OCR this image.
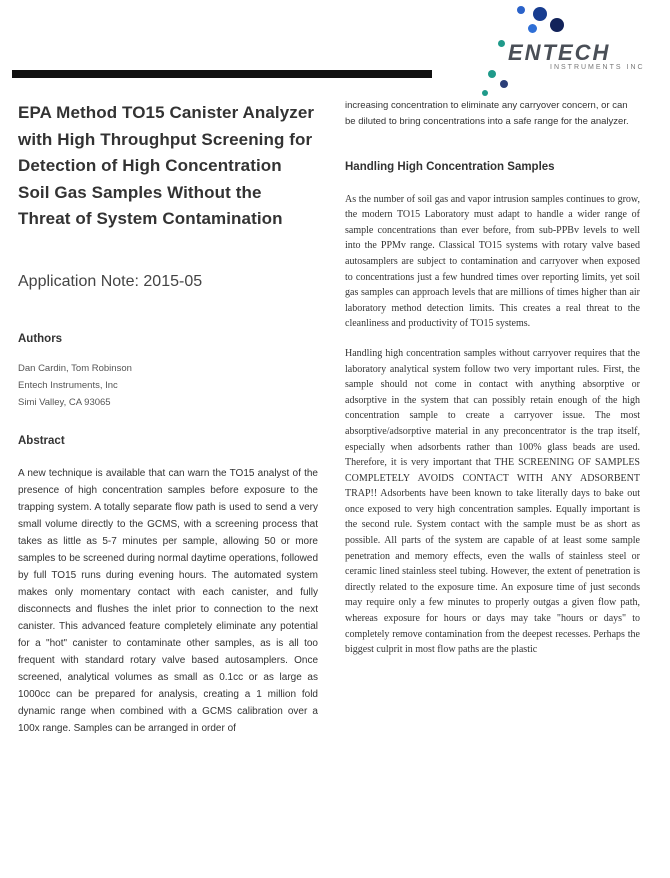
ENTECH
INSTRUMENTS INC
EPA Method TO15 Canister Analyzer with High Throughput Screening for Detection of High Concentration Soil Gas Samples Without the Threat of System Contamination
Application Note: 2015-05
Authors
Dan Cardin, Tom Robinson
Entech Instruments, Inc
Simi Valley, CA 93065
Abstract
A new technique is available that can warn the TO15 analyst of the presence of high concentration samples before exposure to the trapping system. A totally separate flow path is used to send a very small volume directly to the GCMS, with a screening process that takes as little as 5-7 minutes per sample, allowing 50 or more samples to be screened during normal daytime operations, followed by full TO15 runs during evening hours. The automated system makes only momentary contact with each canister, and fully disconnects and flushes the inlet prior to connection to the next canister. This advanced feature completely eliminate any potential for a "hot" canister to contaminate other samples, as is all too frequent with standard rotary valve based autosamplers. Once screened, analytical volumes as small as 0.1cc or as large as 1000cc can be prepared for analysis, creating a 1 million fold dynamic range when combined with a GCMS calibration over a 100x range. Samples can be arranged in order of

increasing concentration to eliminate any carryover concern, or can be diluted to bring concentrations into a safe range for the analyzer.

Handling High Concentration Samples

As the number of soil gas and vapor intrusion samples continues to grow, the modern TO15 Laboratory must adapt to handle a wider range of sample concentrations than ever before, from sub-PPBv levels to well into the PPMv range. Classical TO15 systems with rotary valve based autosamplers are subject to contamination and carryover when exposed to concentrations just a few hundred times over reporting limits, yet soil gas samples can approach levels that are millions of times higher than air laboratory method detection limits. This creates a real threat to the cleanliness and productivity of TO15 systems.

Handling high concentration samples without carryover requires that the laboratory analytical system follow two very important rules. First, the sample should not come in contact with anything absorptive or adsorptive in the system that can possibly retain enough of the high concentration sample to create a carryover issue. The most absorptive/adsorptive material in any preconcentrator is the trap itself, especially when adsorbents rather than 100% glass beads are used. Therefore, it is very important that THE SCREENING OF SAMPLES COMPLETELY AVOIDS CONTACT WITH ANY ADSORBENT TRAP!! Adsorbents have been known to take literally days to bake out once exposed to very high concentration samples. Equally important is the second rule. System contact with the sample must be as short as possible. All parts of the system are capable of at least some sample penetration and memory effects, even the walls of stainless steel or ceramic lined stainless steel tubing. However, the extent of penetration is directly related to the exposure time. An exposure time of just seconds may require only a few minutes to properly outgas a given flow path, whereas exposure for hours or days may take "hours or days" to completely remove contamination from the deepest recesses. Perhaps the biggest culprit in most flow paths are the plastic
